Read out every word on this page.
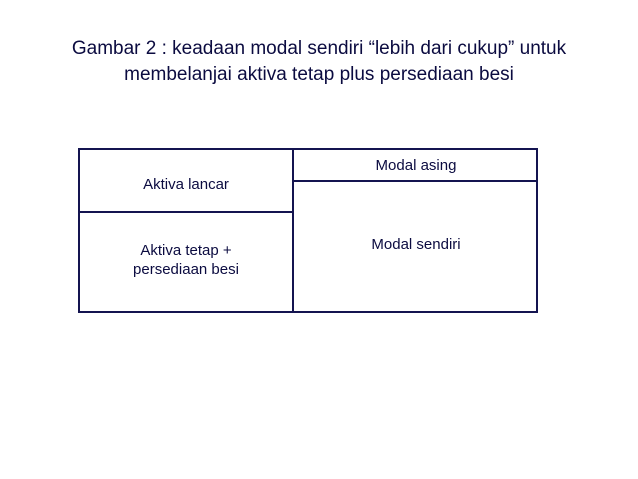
Gambar 2 : keadaan modal sendiri “lebih dari cukup” untuk
membelanjai aktiva tetap plus persediaan besi
Aktiva lancar
Aktiva tetap +
persediaan besi
Modal asing
Modal sendiri
